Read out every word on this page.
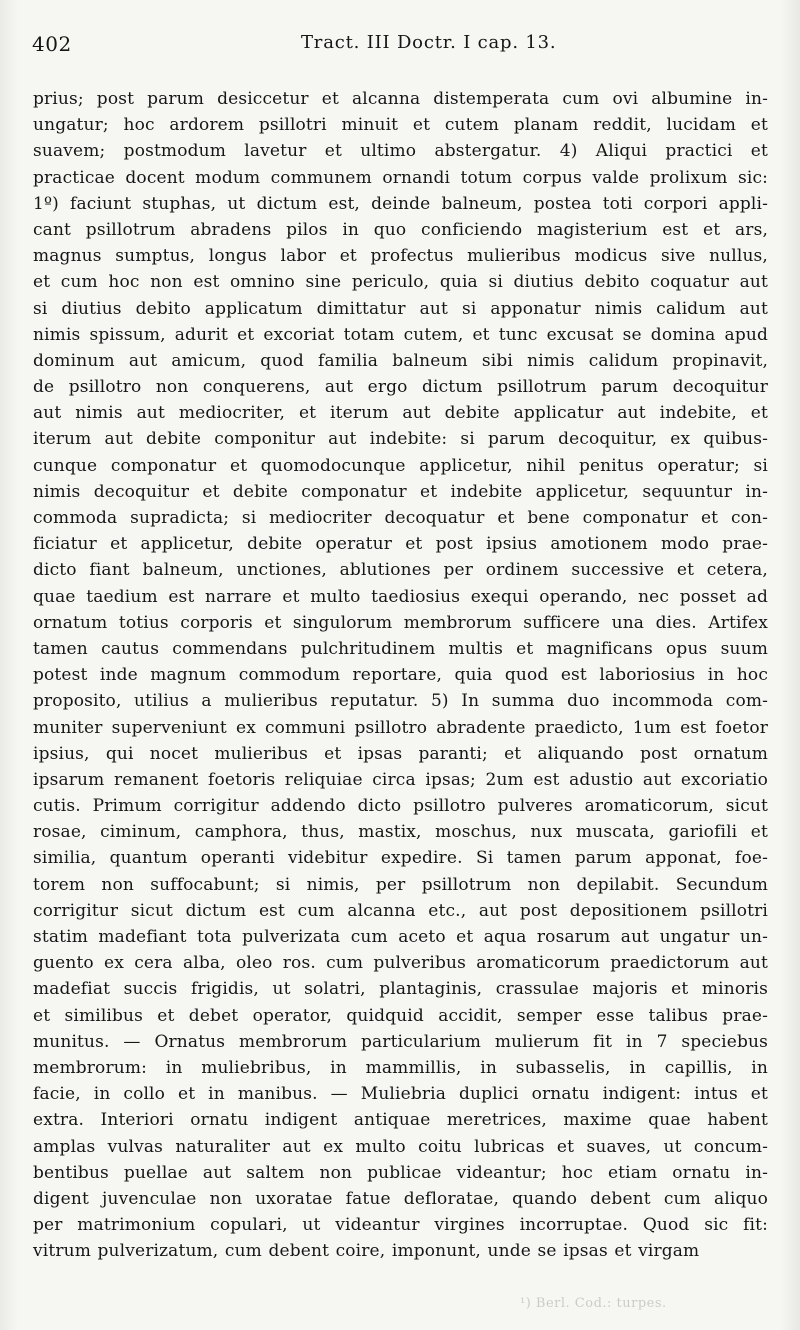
402	Tract. III Doctr. I cap. 13.
prius; post parum desiccetur et alcanna distemperata cum ovi albumine in-
ungatur; hoc ardorem psillotri minuit et cutem planam reddit, lucidam et
suavem; postmodum lavetur et ultimo abstergatur. 4) Aliqui practici et
practicae docent modum communem ornandi totum corpus valde prolixum sic:
1º) faciunt stuphas, ut dictum est, deinde balneum, postea toti corpori appli-
cant psillotrum abradens pilos in quo conficiendo magisterium est et ars,
magnus sumptus, longus labor et profectus mulieribus modicus sive nullus,
et cum hoc non est omnino sine periculo, quia si diutius debito coquatur aut
si diutius debito applicatum dimittatur aut si apponatur nimis calidum aut
nimis spissum, adurit et excoriat totam cutem, et tunc excusat se domina apud
dominum aut amicum, quod familia balneum sibi nimis calidum propinavit,
de psillotro non conquerens, aut ergo dictum psillotrum parum decoquitur
aut nimis aut mediocriter, et iterum aut debite applicatur aut indebite, et
iterum aut debite componitur aut indebite: si parum decoquitur, ex quibus-
cunque componatur et quomodocunque applicetur, nihil penitus operatur; si
nimis decoquitur et debite componatur et indebite applicetur, sequuntur in-
commoda supradicta; si mediocriter decoquatur et bene componatur et con-
ficiatur et applicetur, debite operatur et post ipsius amotionem modo prae-
dicto fiant balneum, unctiones, ablutiones per ordinem successive et cetera,
quae taedium est narrare et multo taediosius exequi operando, nec posset ad
ornatum totius corporis et singulorum membrorum sufficere una dies. Artifex
tamen cautus commendans pulchritudinem multis et magnificans opus suum
potest inde magnum commodum reportare, quia quod est laboriosius in hoc
proposito, utilius a mulieribus reputatur. 5) In summa duo incommoda com-
muniter superveniunt ex communi psillotro abradente praedicto, 1um est foetor
ipsius, qui nocet mulieribus et ipsas paranti; et aliquando post ornatum
ipsarum remanent foetoris reliquiae circa ipsas; 2um est adustio aut excoriatio
cutis. Primum corrigitur addendo dicto psillotro pulveres aromaticorum, sicut
rosae, ciminum, camphora, thus, mastix, moschus, nux muscata, gariofili et
similia, quantum operanti videbitur expedire. Si tamen parum apponat, foe-
torem non suffocabunt; si nimis, per psillotrum non depilabit. Secundum
corrigitur sicut dictum est cum alcanna etc., aut post depositionem psillotri
statim madefiant tota pulverizata cum aceto et aqua rosarum aut ungatur un-
guento ex cera alba, oleo ros. cum pulveribus aromaticorum praedictorum aut
madefiat succis frigidis, ut solatri, plantaginis, crassulae majoris et minoris
et similibus et debet operator, quidquid accidit, semper esse talibus prae-
munitus. — Ornatus membrorum particularium mulierum fit in 7 speciebus
membrorum: in muliebribus, in mammillis, in subasselis, in capillis, in
facie, in collo et in manibus. — Muliebria duplici ornatu indigent: intus et
extra. Interiori ornatu indigent antiquae meretrices, maxime quae habent
amplas vulvas naturaliter aut ex multo coitu lubricas et suaves, ut concum-
bentibus puellae aut saltem non publicae videantur; hoc etiam ornatu in-
digent juvenculae non uxoratae fatue defloratae, quando debent cum aliquo
per matrimonium copulari, ut videantur virgines incorruptae. Quod sic fit:
vitrum pulverizatum, cum debent coire, imponunt, unde se ipsas et virgam
¹) Berl. Cod.: turpes.
